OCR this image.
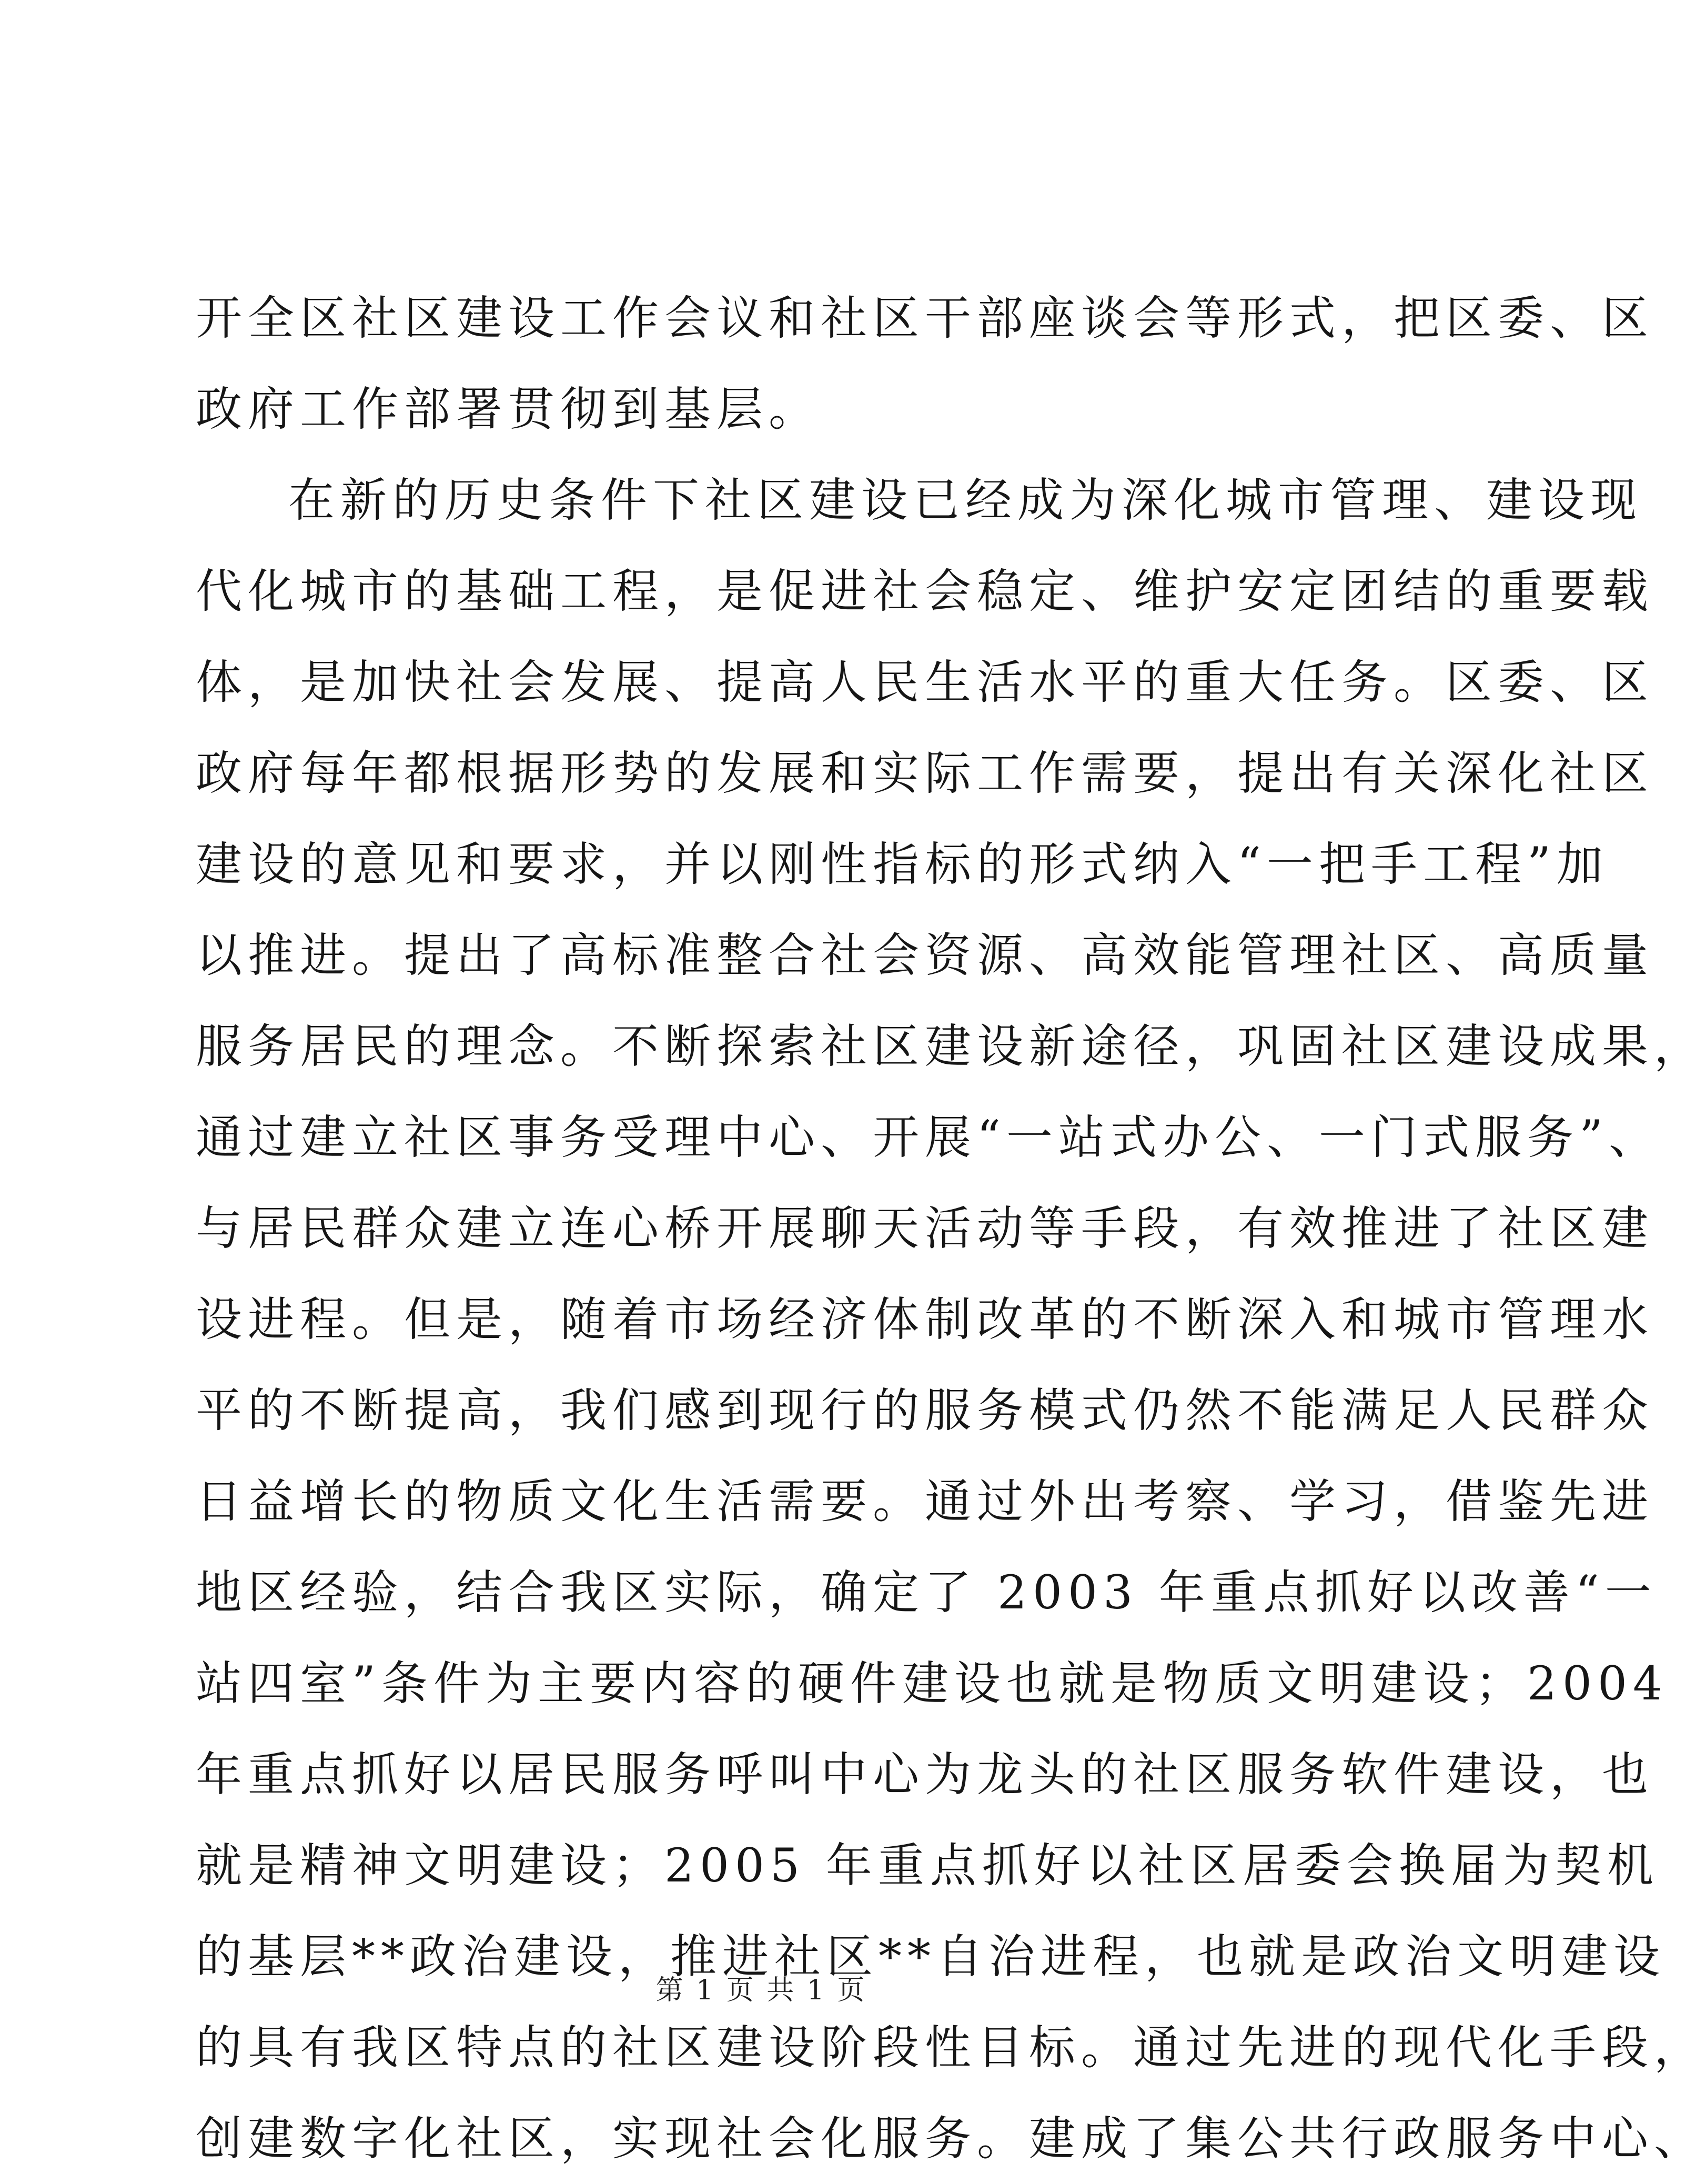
开全区社区建设工作会议和社区干部座谈会等形式，把区委、区
政府工作部署贯彻到基层。
在新的历史条件下社区建设已经成为深化城市管理、建设现
代化城市的基础工程，是促进社会稳定、维护安定团结的重要载
体，是加快社会发展、提高人民生活水平的重大任务。区委、区
政府每年都根据形势的发展和实际工作需要，提出有关深化社区
建设的意见和要求，并以刚性指标的形式纳入“一把手工程”加
以推进。提出了高标准整合社会资源、高效能管理社区、高质量
服务居民的理念。不断探索社区建设新途径，巩固社区建设成果，
通过建立社区事务受理中心、开展“一站式办公、一门式服务”、
与居民群众建立连心桥开展聊天活动等手段，有效推进了社区建
设进程。但是，随着市场经济体制改革的不断深入和城市管理水
平的不断提高，我们感到现行的服务模式仍然不能满足人民群众
日益增长的物质文化生活需要。通过外出考察、学习，借鉴先进
地区经验，结合我区实际，确定了 2003 年重点抓好以改善“一
站四室”条件为主要内容的硬件建设也就是物质文明建设；2004
年重点抓好以居民服务呼叫中心为龙头的社区服务软件建设，也
就是精神文明建设；2005 年重点抓好以社区居委会换届为契机
的基层**政治建设，推进社区**自治进程，也就是政治文明建设
的具有我区特点的社区建设阶段性目标。通过先进的现代化手段，
创建数字化社区，实现社会化服务。建成了集公共行政服务中心、
第 1 页 共 1 页
